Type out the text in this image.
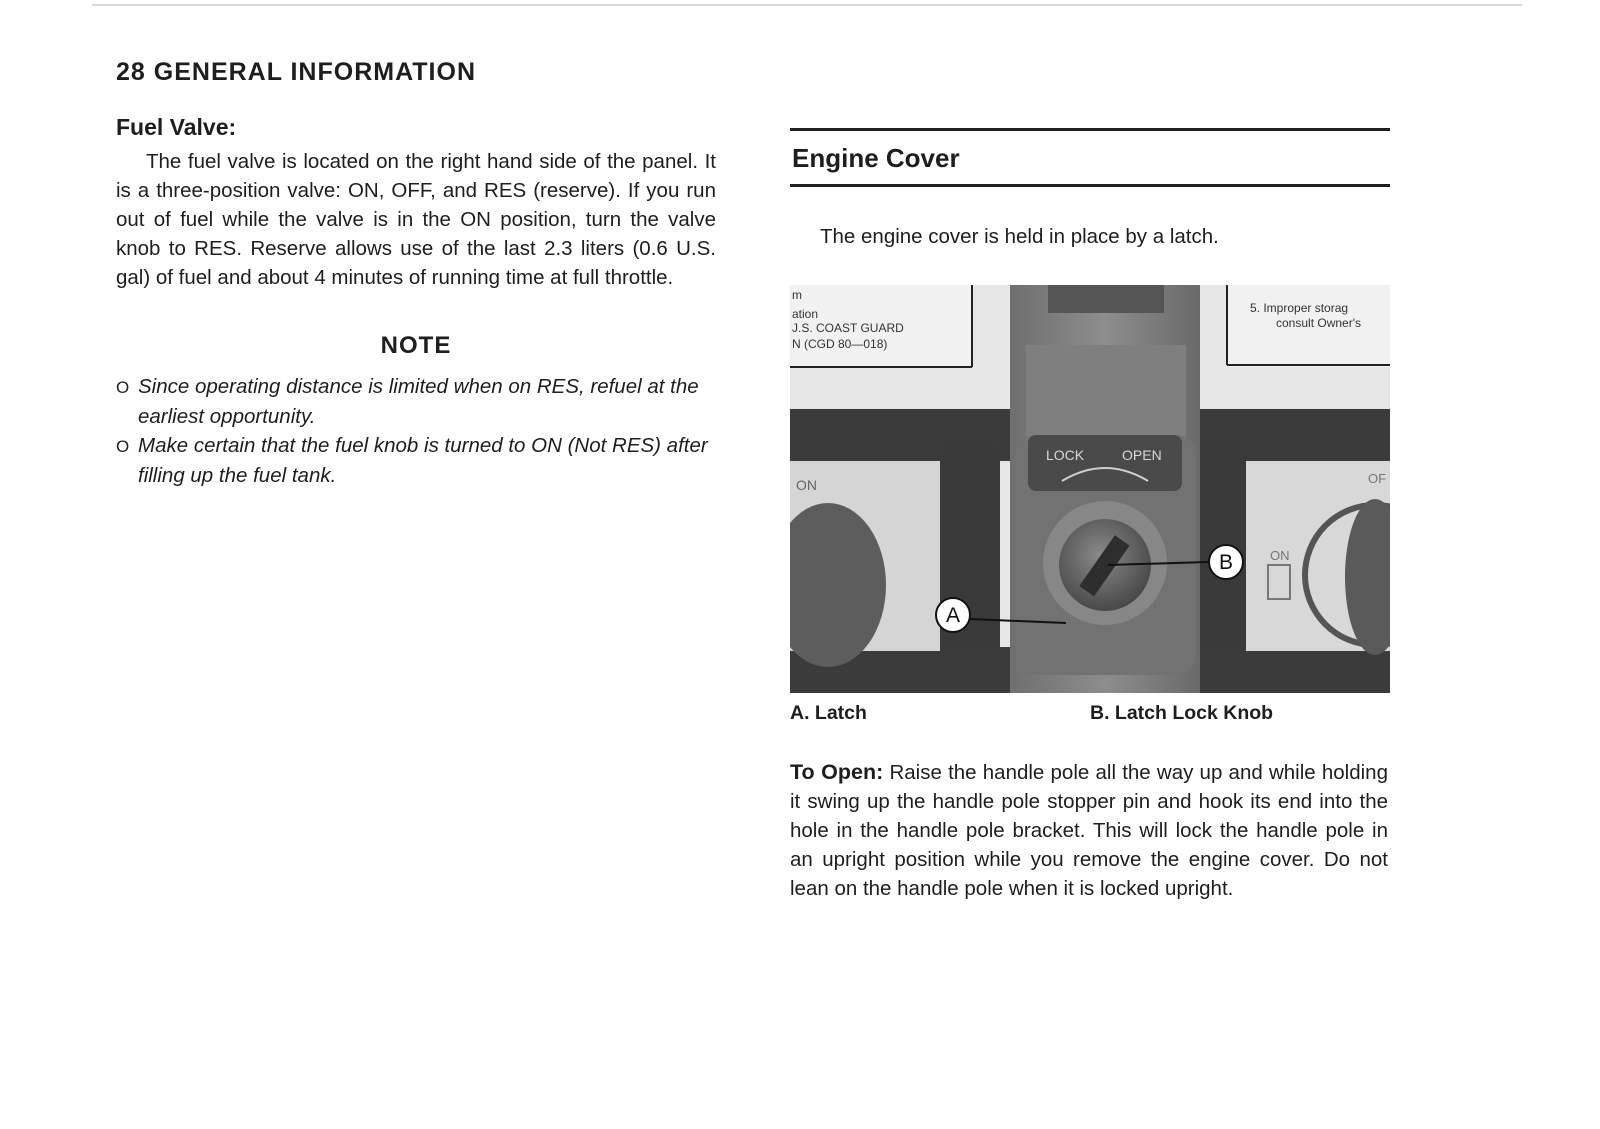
28 GENERAL INFORMATION
Fuel Valve:

The fuel valve is located on the right hand side of the panel. It is a three-position valve: ON, OFF, and RES (reserve). If you run out of fuel while the valve is in the ON position, turn the valve knob to RES. Reserve allows use of the last 2.3 liters (0.6 U.S. gal) of fuel and about 4 minutes of running time at full throttle.

NOTE
O Since operating distance is limited when on RES, refuel at the earliest opportunity.
O Make certain that the fuel knob is turned to ON (Not RES) after filling up the fuel tank.
Engine Cover

The engine cover is held in place by a latch.

m
ation
J.S. COAST GUARD
N (CGD 80—018)
5. Improper storag
consult Owner's
ON
ON
OF
LOCK	OPEN
B
A
A. Latch	B. Latch Lock Knob

To Open: Raise the handle pole all the way up and while holding it swing up the handle pole stopper pin and hook its end into the hole in the handle pole bracket. This will lock the handle pole in an upright position while you remove the engine cover. Do not lean on the handle pole when it is locked upright.
